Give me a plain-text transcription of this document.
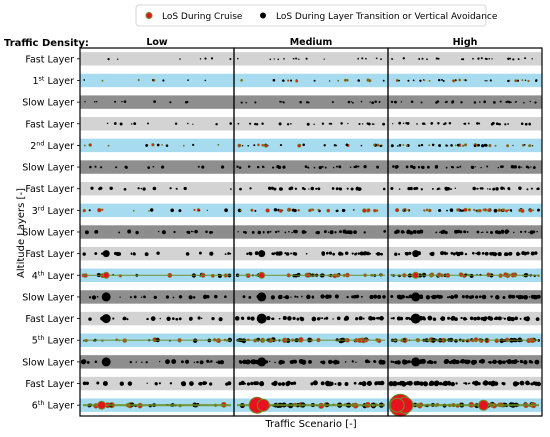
Low	Medium	High
Fast Layer
1st Layer
Slow Layer
Fast Layer
2nd Layer
Slow Layer
Fast Layer
3rd Layer
Slow Layer
Fast Layer
4th Layer
Slow Layer
Fast Layer
5th Layer
Slow Layer
Fast Layer
6th Layer
LoS During Cruise	LoS During Layer Transition or Vertical Avoidance
Traffic Density:
Traffic Scenario [-]
Altitude Layers [-]
